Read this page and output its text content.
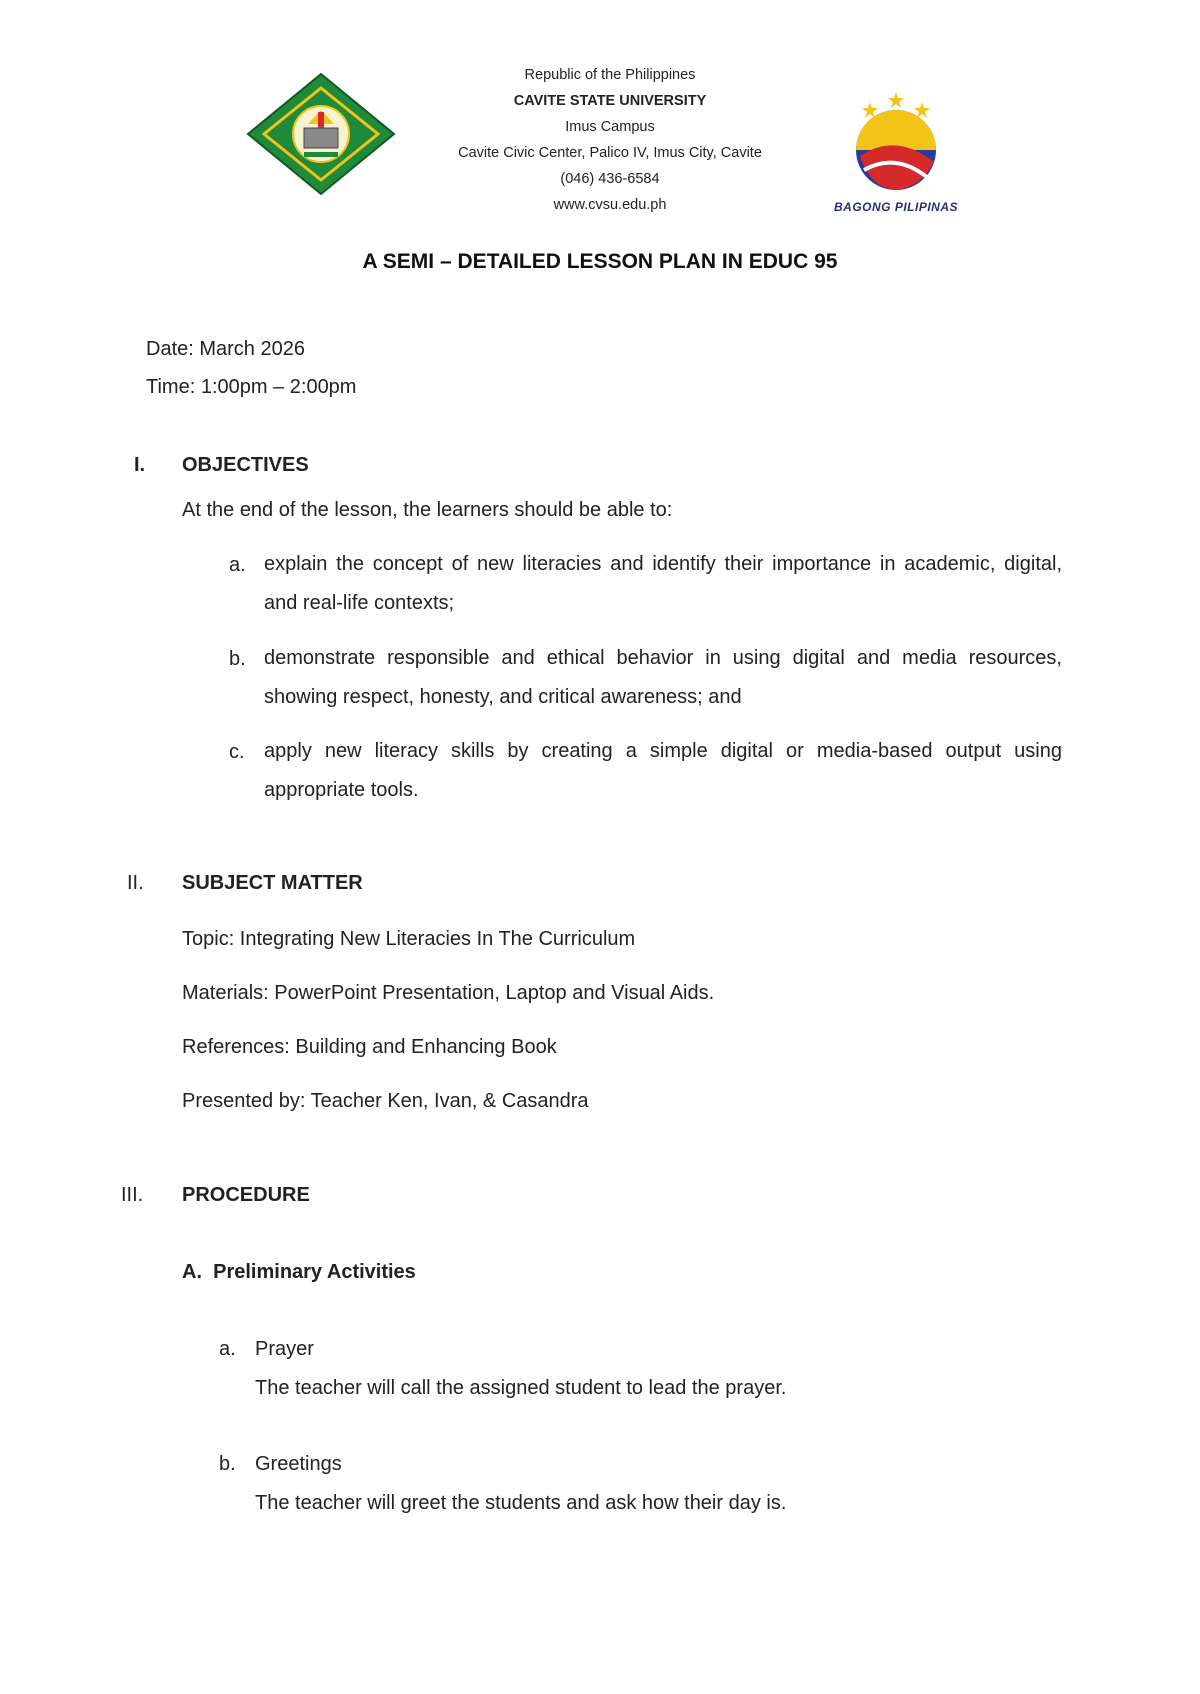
Republic of the Philippines
CAVITE STATE UNIVERSITY
Imus Campus
Cavite Civic Center, Palico IV, Imus City, Cavite
(046) 436-6584
www.cvsu.edu.ph	BAGONG PILIPINAS
A SEMI – DETAILED LESSON PLAN IN EDUC 95
Date: March 2026
Time: 1:00pm – 2:00pm
I. OBJECTIVES
At the end of the lesson, the learners should be able to:
a. explain the concept of new literacies and identify their importance in academic, digital, and real-life contexts;
b. demonstrate responsible and ethical behavior in using digital and media resources, showing respect, honesty, and critical awareness; and
c. apply new literacy skills by creating a simple digital or media-based output using appropriate tools.
II. SUBJECT MATTER
Topic: Integrating New Literacies In The Curriculum
Materials: PowerPoint Presentation, Laptop and Visual Aids.
References: Building and Enhancing Book
Presented by: Teacher Ken, Ivan, & Casandra
III. PROCEDURE
A.  Preliminary Activities
a. Prayer
The teacher will call the assigned student to lead the prayer.
b. Greetings
The teacher will greet the students and ask how their day is.
